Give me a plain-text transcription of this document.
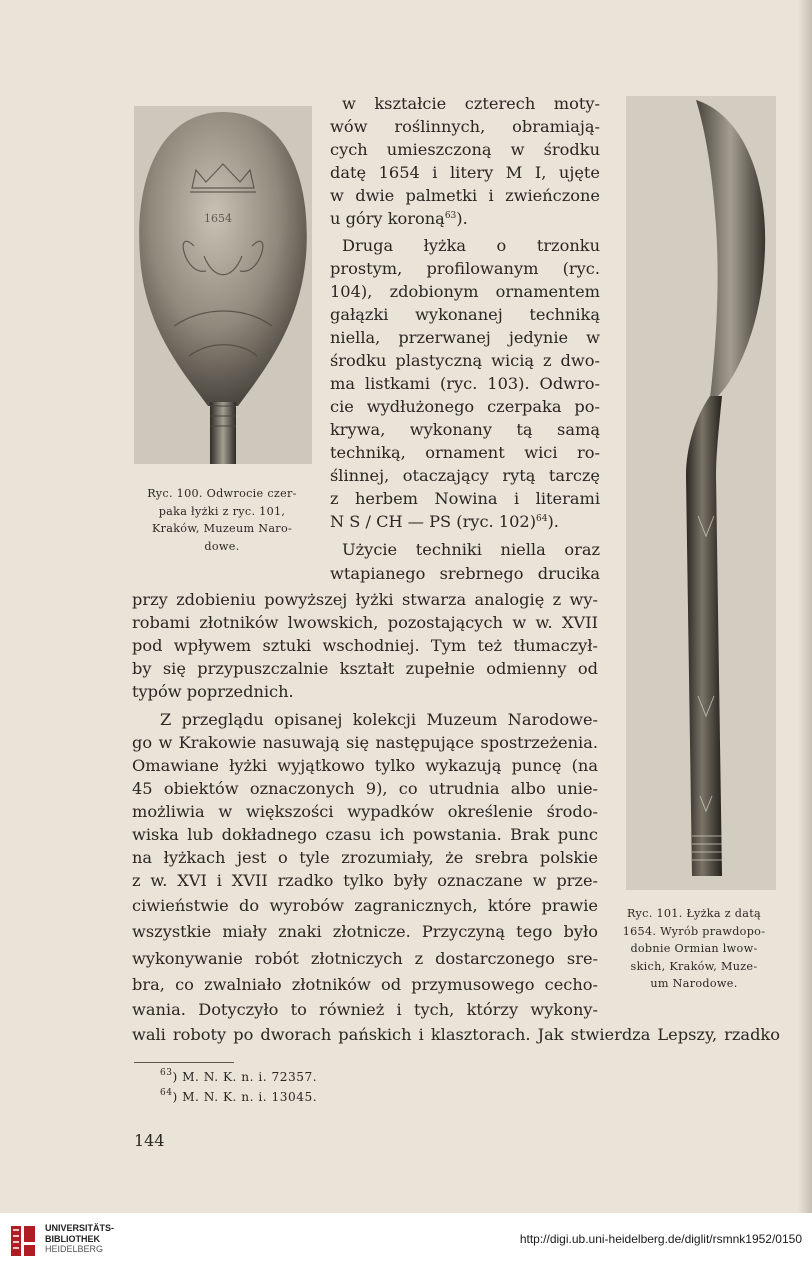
1654
Ryc. 100. Odwrocie czer-
paka łyżki z ryc. 101,
Kraków, Muzeum Naro-
dowe.
Ryc. 101. Łyżka z datą
1654. Wyrób prawdopo-
dobnie Ormian lwow-
skich, Kraków, Muze-
um Narodowe.
w kształcie czterech moty-
wów roślinnych, obramiają-
cych umieszczoną w środku
datę 1654 i litery M I, ujęte
w dwie palmetki i zwieńczone
u góry koroną$^{63}$).
Druga łyżka o trzonku
prostym, profilowanym (ryc.
104), zdobionym ornamentem
gałązki wykonanej techniką
niella, przerwanej jedynie w
środku plastyczną wicią z dwo-
ma listkami (ryc. 103). Odwro-
cie wydłużonego czerpaka po-
krywa, wykonany tą samą
techniką, ornament wici ro-
ślinnej, otaczający rytą tarczę
z herbem Nowina i literami
N S / CH — PS (ryc. 102)$^{64}$).
Użycie techniki niella oraz
wtapianego srebrnego drucika
przy zdobieniu powyższej łyżki stwarza analogię z wy-
robami złotników lwowskich, pozostających w w. XVII
pod wpływem sztuki wschodniej. Tym też tłumaczył-
by się przypuszczalnie kształt zupełnie odmienny od
typów poprzednich.
Z przeglądu opisanej kolekcji Muzeum Narodowe-
go w Krakowie nasuwają się następujące spostrzeżenia.
Omawiane łyżki wyjątkowo tylko wykazują puncę (na
45 obiektów oznaczonych 9), co utrudnia albo unie-
możliwia w większości wypadków określenie środo-
wiska lub dokładnego czasu ich powstania. Brak punc
na łyżkach jest o tyle zrozumiały, że srebra polskie
z w. XVI i XVII rzadko tylko były oznaczane w prze-
ciwieństwie do wyrobów zagranicznych, które prawie
wszystkie miały znaki złotnicze. Przyczyną tego było
wykonywanie robót złotniczych z dostarczonego sre-
bra, co zwalniało złotników od przymusowego cecho-
wania. Dotyczyło to również i tych, którzy wykony-
wali roboty po dworach pańskich i klasztorach. Jak stwierdza Lepszy, rzadko
$^{63}$) M. N. K. n. i. 72357.
$^{64}$) M. N. K. n. i. 13045.
144
UNIVERSITÄTS-
BIBLIOTHEK
HEIDELBERG
http://digi.ub.uni-heidelberg.de/diglit/rsmnk1952/0150
